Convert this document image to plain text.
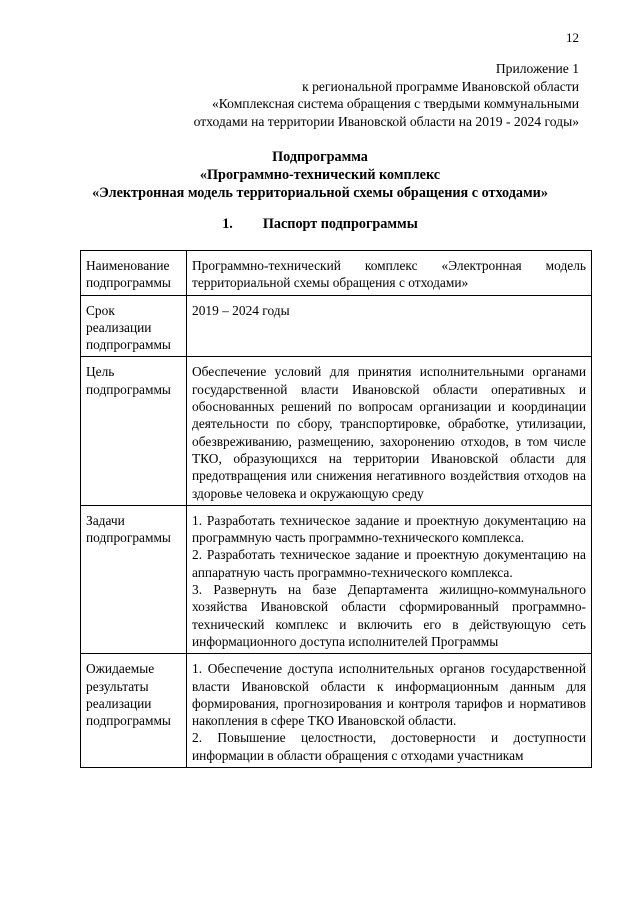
12
Приложение 1
к региональной программе Ивановской области
«Комплексная система обращения с твердыми коммунальными
отходами на территории Ивановской области на 2019 - 2024 годы»
Подпрограмма
«Программно-технический комплекс
«Электронная модель территориальной схемы обращения с отходами»
1. Паспорт подпрограммы
Наименование подпрограммы	Программно-технический комплекс «Электронная модель территориальной схемы обращения с отходами»
Срок реализации подпрограммы	2019 – 2024 годы
Цель подпрограммы	Обеспечение условий для принятия исполнительными органами государственной власти Ивановской области оперативных и обоснованных решений по вопросам организации и координации деятельности по сбору, транспортировке, обработке, утилизации, обезвреживанию, размещению, захоронению отходов, в том числе ТКО, образующихся на территории Ивановской области для предотвращения или снижения негативного воздействия отходов на здоровье человека и окружающую среду
Задачи подпрограммы	1. Разработать техническое задание и проектную документацию на программную часть программно-технического комплекса.
2. Разработать техническое задание и проектную документацию на аппаратную часть программно-технического комплекса.
3. Развернуть на базе Департамента жилищно-коммунального хозяйства Ивановской области сформированный программно-технический комплекс и включить его в действующую сеть информационного доступа исполнителей Программы

Ожидаемые результаты реализации подпрограммы	1. Обеспечение доступа исполнительных органов государственной власти Ивановской области к информационным данным для формирования, прогнозирования и контроля тарифов и нормативов накопления в сфере ТКО Ивановской области.
2. Повышение целостности, достоверности и доступности информации в области обращения с отходами участникам
